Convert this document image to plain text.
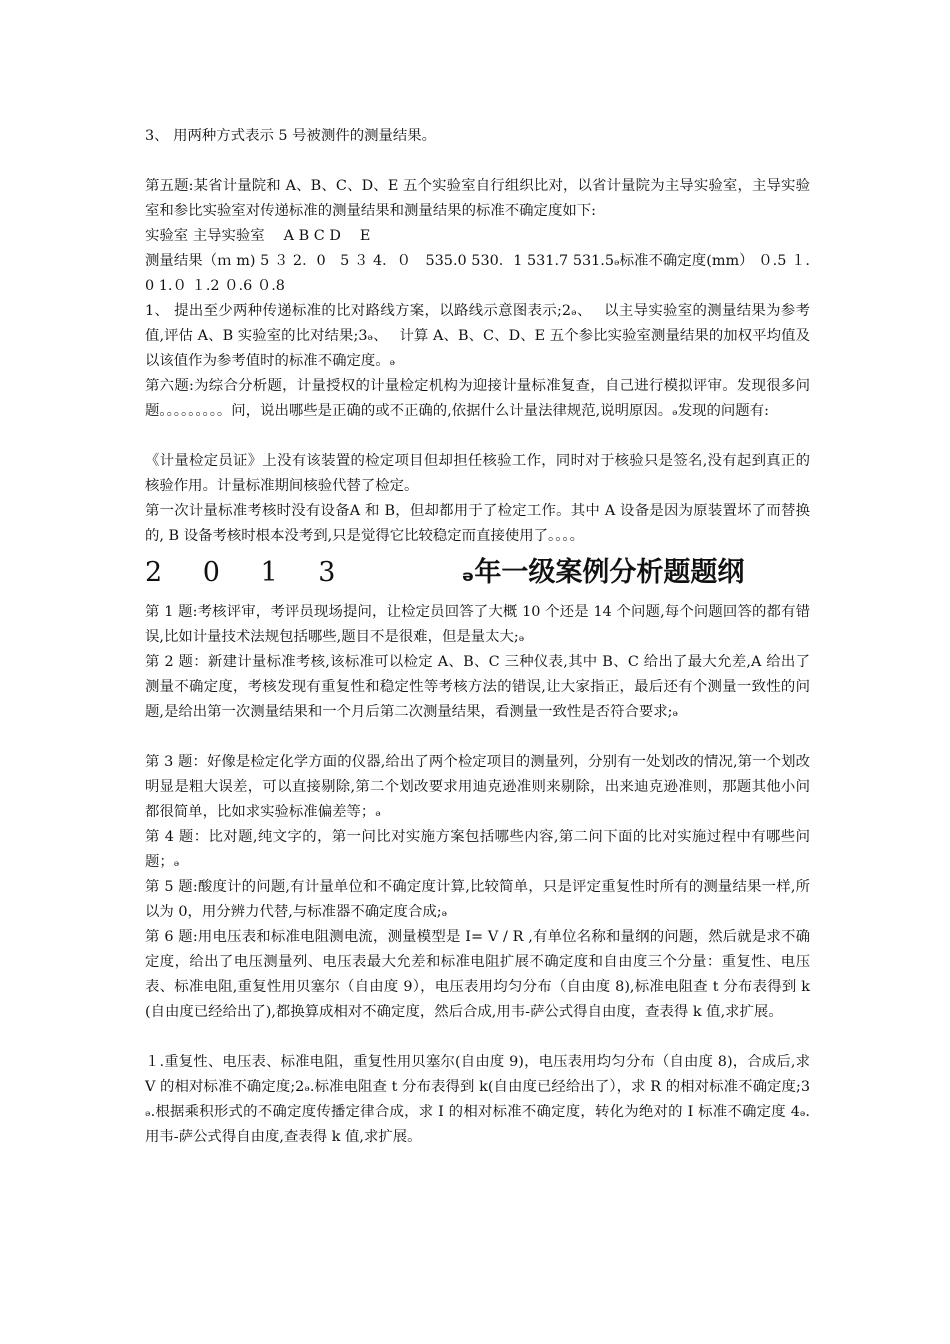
3、 用两种方式表示 5 号被测件的测量结果。

第五题:某省计量院和 A、B、C、D、E 五个实验室自行组织比对，以省计量院为主导实验室，主导实验室和参比实验室对传递标准的测量结果和测量结果的标准不确定度如下:

实验室 主导实验室　 A B C D　 E

测量结果（ｍ m) 5 ３ 2．0　5 ３ 4．０　535.0 530．1 531.7 531.5ₔ标准不确定度(mm） ０.5 １.0 1.０ １.2 ０.6 ０.8

1、 提出至少两种传递标准的比对路线方案，以路线示意图表示;2ₔ、　 以主导实验室的测量结果为参考值,评估 A、B 实验室的比对结果;3ₔ、　 计算 A、B、C、D、E 五个参比实验室测量结果的加权平均值及以该值作为参考值时的标准不确定度。ₔ

第六题:为综合分析题，计量授权的计量检定机构为迎接计量标准复查，自己进行模拟评审。发现很多问题。。。。。。。。。问，说出哪些是正确的或不正确的,依据什么计量法律规范,说明原因。ₔ发现的问题有:

《计量检定员证》上没有该装置的检定项目但却担任核验工作，同时对于核验只是签名,没有起到真正的核验作用。计量标准期间核验代替了检定。

第一次计量标准考核时没有设备A 和 B，但却都用于了检定工作。其中 A 设备是因为原装置坏了而替换的, B 设备考核时根本没考到,只是觉得它比较稳定而直接使用了。。。。

2 0 1 3	ₔ年一级案例分析题题纲

第 1 题:考核评审，考评员现场提问，让检定员回答了大概 10 个还是 14 个问题,每个问题回答的都有错误,比如计量技术法规包括哪些,题目不是很难，但是量太大;ₔ

第 2 题：新建计量标准考核,该标准可以检定 A、B、C 三种仪表,其中 B、C 给出了最大允差,A 给出了测量不确定度，考核发现有重复性和稳定性等考核方法的错误,让大家指正，最后还有个测量一致性的问题,是给出第一次测量结果和一个月后第二次测量结果，看测量一致性是否符合要求;ₔ

第 3 题：好像是检定化学方面的仪器,给出了两个检定项目的测量列，分别有一处划改的情况,第一个划改明显是粗大误差，可以直接剔除,第二个划改要求用迪克逊准则来剔除，出来迪克逊准则，那题其他小问都很简单，比如求实验标准偏差等；ₔ

第 4 题：比对题,纯文字的，第一问比对实施方案包括哪些内容,第二问下面的比对实施过程中有哪些问题；ₔ

第 5 题:酸度计的问题,有计量单位和不确定度计算,比较简单，只是评定重复性时所有的测量结果一样,所以为 0，用分辨力代替,与标准器不确定度合成;ₔ

第 6 题:用电压表和标准电阻测电流，测量模型是 I= V / R ,有单位名称和量纲的问题，然后就是求不确定度，给出了电压测量列、电压表最大允差和标准电阻扩展不确定度和自由度三个分量：重复性、电压表、标准电阻,重复性用贝塞尔（自由度 9），电压表用均匀分布（自由度 8),标准电阻查 t 分布表得到 k(自由度已经给出了),都换算成相对不确定度，然后合成,用韦-萨公式得自由度，查表得 k 值,求扩展。

１.重复性、电压表、标准电阻，重复性用贝塞尔(自由度 9)，电压表用均匀分布（自由度 8)，合成后,求 V 的相对标准不确定度;2ₔ.标准电阻查 t 分布表得到 k(自由度已经给出了），求 R 的相对标准不确定度;3ₔ.根据乘积形式的不确定度传播定律合成，求 I 的相对标准不确定度，转化为绝对的 I 标准不确定度 4ₔ. 用韦-萨公式得自由度,查表得 k 值,求扩展。
